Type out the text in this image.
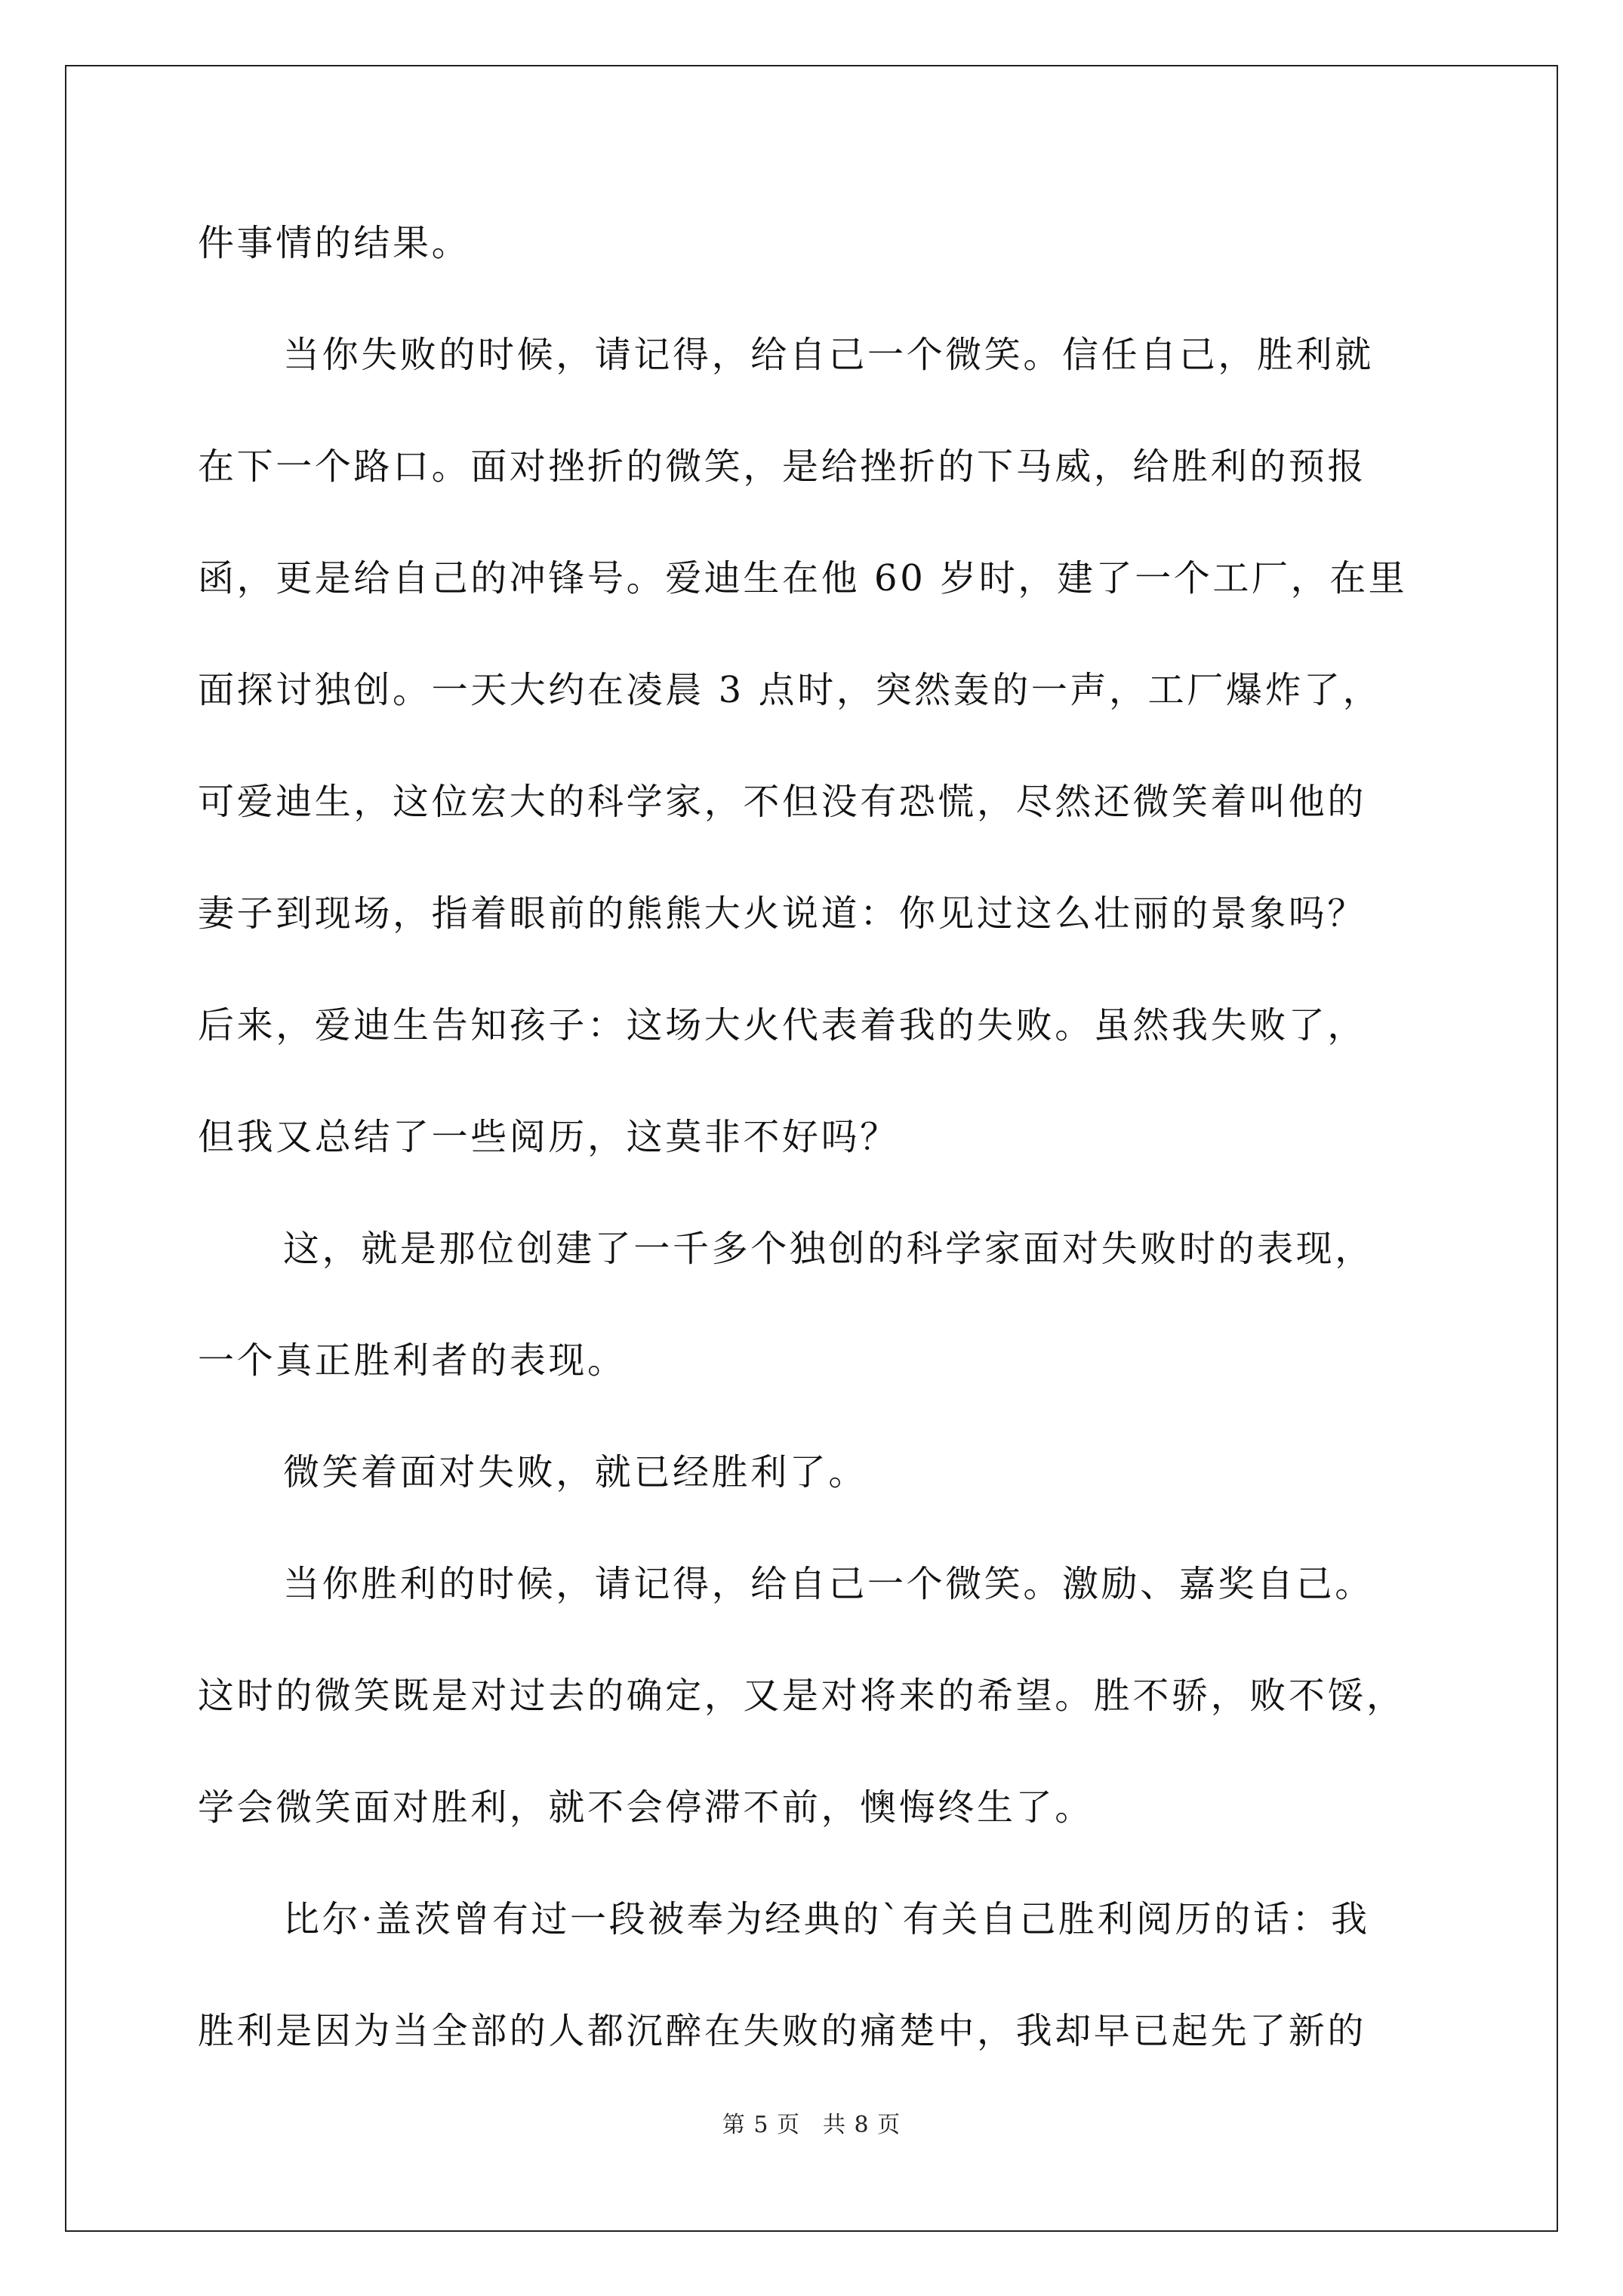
件事情的结果。
当你失败的时候，请记得，给自己一个微笑。信任自己，胜利就
在下一个路口。面对挫折的微笑，是给挫折的下马威，给胜利的预报
函，更是给自己的冲锋号。爱迪生在他 60 岁时，建了一个工厂，在里
面探讨独创。一天大约在凌晨 3 点时，突然轰的一声，工厂爆炸了，
可爱迪生，这位宏大的科学家，不但没有恐慌，尽然还微笑着叫他的
妻子到现场，指着眼前的熊熊大火说道：你见过这么壮丽的景象吗？
后来，爱迪生告知孩子：这场大火代表着我的失败。虽然我失败了，
但我又总结了一些阅历，这莫非不好吗？
这，就是那位创建了一千多个独创的科学家面对失败时的表现，
一个真正胜利者的表现。
微笑着面对失败，就已经胜利了。
当你胜利的时候，请记得，给自己一个微笑。激励、嘉奖自己。
这时的微笑既是对过去的确定，又是对将来的希望。胜不骄，败不馁，
学会微笑面对胜利，就不会停滞不前，懊悔终生了。
比尔·盖茨曾有过一段被奉为经典的`有关自己胜利阅历的话：我
胜利是因为当全部的人都沉醉在失败的痛楚中，我却早已起先了新的
第 5 页 共 8 页
